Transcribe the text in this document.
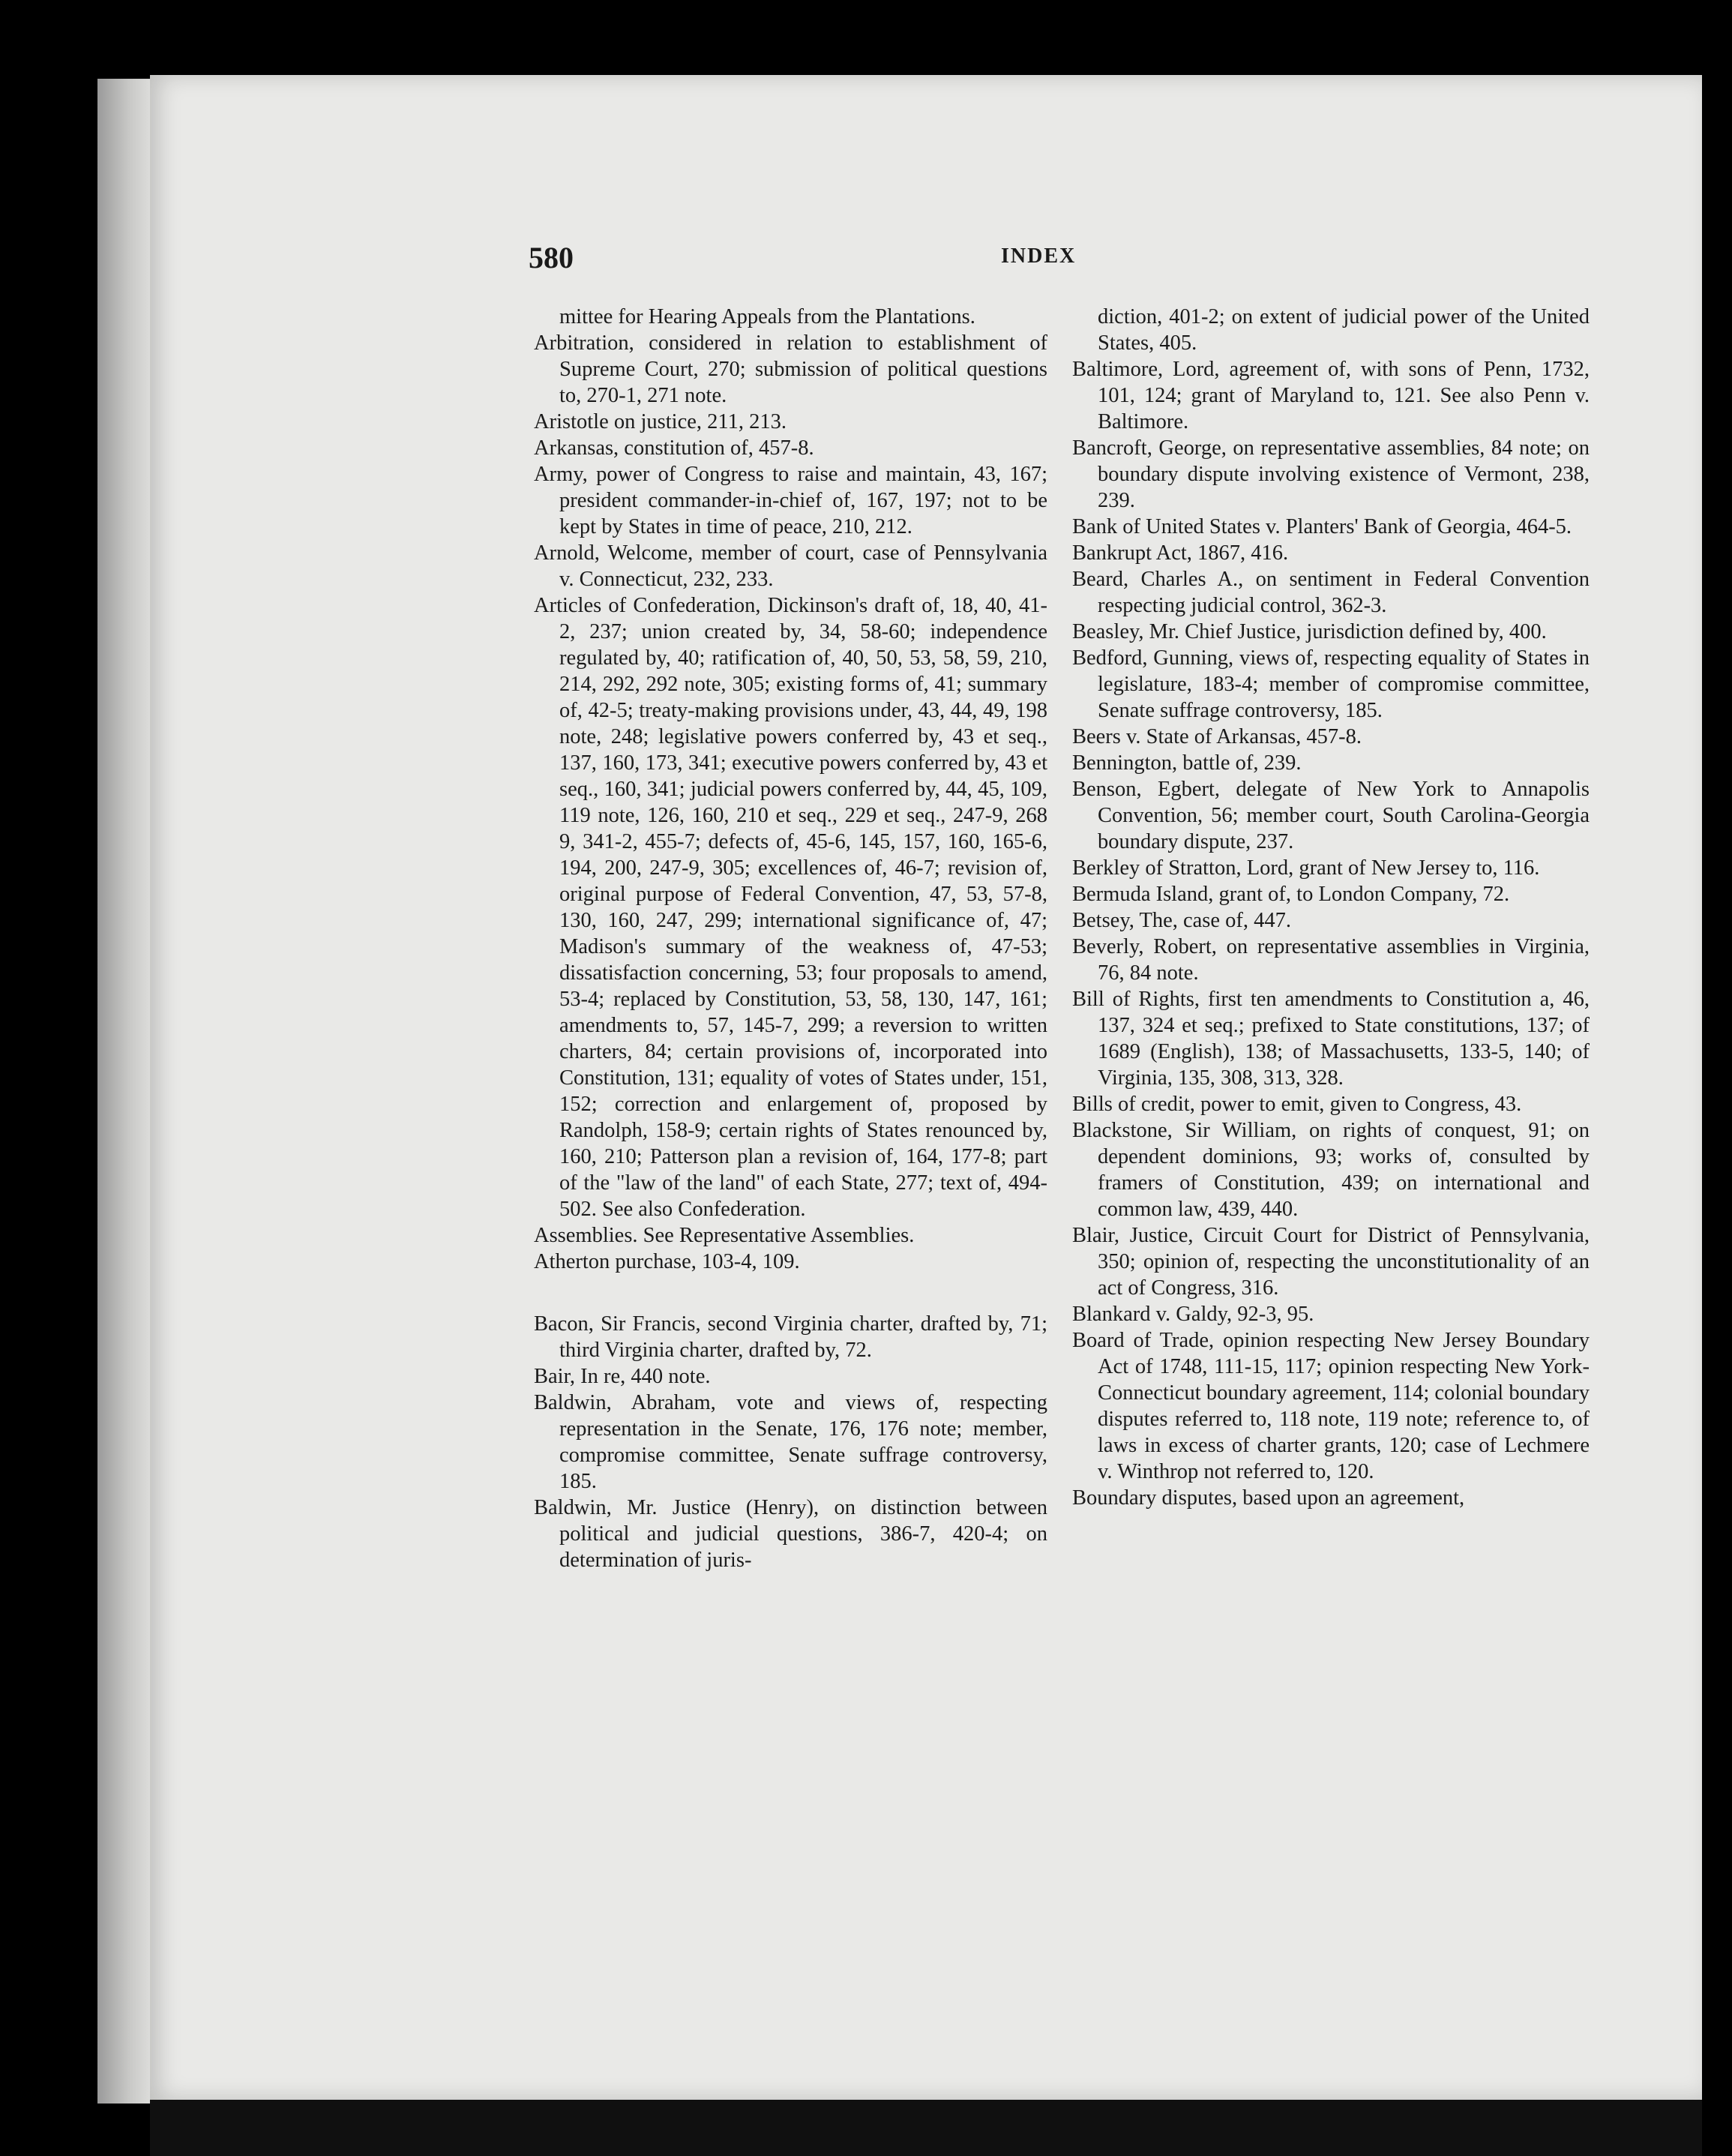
580	INDEX

mittee for Hearing Appeals from the Plantations.

Arbitration, considered in relation to establishment of Supreme Court, 270; submission of political questions to, 270-1, 271 note.

Aristotle on justice, 211, 213.

Arkansas, constitution of, 457-8.

Army, power of Congress to raise and maintain, 43, 167; president commander-in-chief of, 167, 197; not to be kept by States in time of peace, 210, 212.

Arnold, Welcome, member of court, case of Pennsylvania v. Connecticut, 232, 233.

Articles of Confederation, Dickinson's draft of, 18, 40, 41-2, 237; union created by, 34, 58-60; independence regulated by, 40; ratification of, 40, 50, 53, 58, 59, 210, 214, 292, 292 note, 305; existing forms of, 41; summary of, 42-5; treaty-making provisions under, 43, 44, 49, 198 note, 248; legislative powers conferred by, 43 et seq., 137, 160, 173, 341; executive powers conferred by, 43 et seq., 160, 341; judicial powers conferred by, 44, 45, 109, 119 note, 126, 160, 210 et seq., 229 et seq., 247-9, 268 9, 341-2, 455-7; defects of, 45-6, 145, 157, 160, 165-6, 194, 200, 247-9, 305; excellences of, 46-7; revision of, original purpose of Federal Convention, 47, 53, 57-8, 130, 160, 247, 299; international significance of, 47; Madison's summary of the weakness of, 47-53; dissatisfaction concerning, 53; four proposals to amend, 53-4; replaced by Constitution, 53, 58, 130, 147, 161; amendments to, 57, 145-7, 299; a reversion to written charters, 84; certain provisions of, incorporated into Constitution, 131; equality of votes of States under, 151, 152; correction and enlargement of, proposed by Randolph, 158-9; certain rights of States renounced by, 160, 210; Patterson plan a revision of, 164, 177-8; part of the "law of the land" of each State, 277; text of, 494-502. See also Confederation.

Assemblies. See Representative Assemblies.

Atherton purchase, 103-4, 109.

Bacon, Sir Francis, second Virginia charter, drafted by, 71; third Virginia charter, drafted by, 72.

Bair, In re, 440 note.

Baldwin, Abraham, vote and views of, respecting representation in the Senate, 176, 176 note; member, compromise committee, Senate suffrage controversy, 185.

Baldwin, Mr. Justice (Henry), on distinction between political and judicial questions, 386-7, 420-4; on determination of juris-

diction, 401-2; on extent of judicial power of the United States, 405.

Baltimore, Lord, agreement of, with sons of Penn, 1732, 101, 124; grant of Maryland to, 121. See also Penn v. Baltimore.

Bancroft, George, on representative assemblies, 84 note; on boundary dispute involving existence of Vermont, 238, 239.

Bank of United States v. Planters' Bank of Georgia, 464-5.

Bankrupt Act, 1867, 416.

Beard, Charles A., on sentiment in Federal Convention respecting judicial control, 362-3.

Beasley, Mr. Chief Justice, jurisdiction defined by, 400.

Bedford, Gunning, views of, respecting equality of States in legislature, 183-4; member of compromise committee, Senate suffrage controversy, 185.

Beers v. State of Arkansas, 457-8.

Bennington, battle of, 239.

Benson, Egbert, delegate of New York to Annapolis Convention, 56; member court, South Carolina-Georgia boundary dispute, 237.

Berkley of Stratton, Lord, grant of New Jersey to, 116.

Bermuda Island, grant of, to London Company, 72.

Betsey, The, case of, 447.

Beverly, Robert, on representative assemblies in Virginia, 76, 84 note.

Bill of Rights, first ten amendments to Constitution a, 46, 137, 324 et seq.; prefixed to State constitutions, 137; of 1689 (English), 138; of Massachusetts, 133-5, 140; of Virginia, 135, 308, 313, 328.

Bills of credit, power to emit, given to Congress, 43.

Blackstone, Sir William, on rights of conquest, 91; on dependent dominions, 93; works of, consulted by framers of Constitution, 439; on international and common law, 439, 440.

Blair, Justice, Circuit Court for District of Pennsylvania, 350; opinion of, respecting the unconstitutionality of an act of Congress, 316.

Blankard v. Galdy, 92-3, 95.

Board of Trade, opinion respecting New Jersey Boundary Act of 1748, 111-15, 117; opinion respecting New York-Connecticut boundary agreement, 114; colonial boundary disputes referred to, 118 note, 119 note; reference to, of laws in excess of charter grants, 120; case of Lechmere v. Winthrop not referred to, 120.

Boundary disputes, based upon an agreement,
